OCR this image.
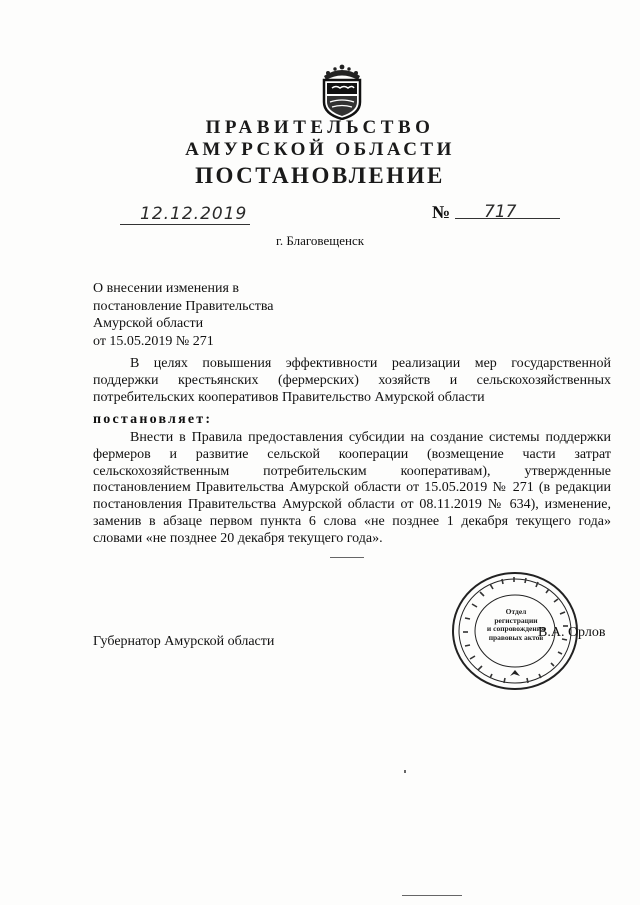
ПРАВИТЕЛЬСТВО
АМУРСКОЙ ОБЛАСТИ
ПОСТАНОВЛЕНИЕ
12.12.2019	№ 717
г. Благовещенск
О внесении изменения в
постановление Правительства
Амурской области
от 15.05.2019 № 271
В целях повышения эффективности реализации мер государственной поддержки крестьянских (фермерских) хозяйств и сельскохозяйственных потребительских кооперативов Правительство Амурской области
постановляет:
Внести в Правила предоставления субсидии на создание системы поддержки фермеров и развитие сельской кооперации (возмещение части затрат сельскохозяйственным потребительским кооперативам), утвержденные постановлением Правительства Амурской области от 15.05.2019 № 271 (в редакции постановления Правительства Амурской области от 08.11.2019 № 634), изменение, заменив в абзаце первом пункта 6 слова «не позднее 1 декабря текущего года» словами «не позднее 20 декабря текущего года».
Губернатор Амурской области
Отдел
регистрации
и сопровождения
правовых актов
В.А. Орлов
